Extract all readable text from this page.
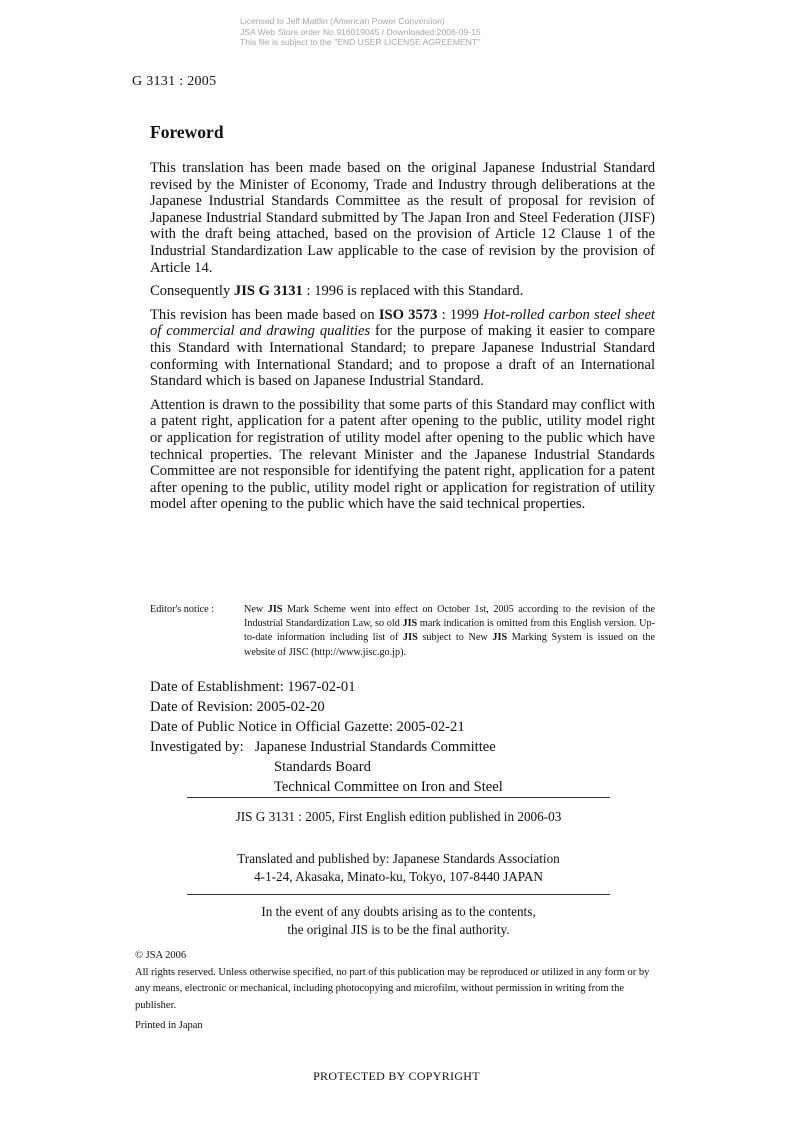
Licensed to Jeff Mattlin (American Power Conversion)
JSA Web Store order No.916019045 / Downloaded:2006-09-15
This file is subject to the "END USER LICENSE AGREEMENT"
G 3131 : 2005
Foreword

This translation has been made based on the original Japanese Industrial Standard revised by the Minister of Economy, Trade and Industry through deliberations at the Japanese Industrial Standards Committee as the result of proposal for revision of Japanese Industrial Standard submitted by The Japan Iron and Steel Federation (JISF) with the draft being attached, based on the provision of Article 12 Clause 1 of the Industrial Standardization Law applicable to the case of revision by the provision of Article 14.

Consequently JIS G 3131 : 1996 is replaced with this Standard.

This revision has been made based on ISO 3573 : 1999 Hot-rolled carbon steel sheet of commercial and drawing qualities for the purpose of making it easier to compare this Standard with International Standard; to prepare Japanese Industrial Standard conforming with International Standard; and to propose a draft of an International Standard which is based on Japanese Industrial Standard.

Attention is drawn to the possibility that some parts of this Standard may conflict with a patent right, application for a patent after opening to the public, utility model right or application for registration of utility model after opening to the public which have technical properties. The relevant Minister and the Japanese Industrial Standards Committee are not responsible for identifying the patent right, application for a patent after opening to the public, utility model right or application for registration of utility model after opening to the public which have the said technical properties.

Editor's notice :	New JIS Mark Scheme went into effect on October 1st, 2005 according to the revision of the Industrial Standardization Law, so old JIS mark indication is omitted from this English version. Up-to-date information including list of JIS subject to New JIS Marking System is issued on the website of JISC (http://www.jisc.go.jp).
Date of Establishment: 1967-02-01
Date of Revision: 2005-02-20
Date of Public Notice in Official Gazette: 2005-02-21
Investigated by: Japanese Industrial Standards Committee
Standards Board
Technical Committee on Iron and Steel
JIS G 3131 : 2005, First English edition published in 2006-03
Translated and published by: Japanese Standards Association
4-1-24, Akasaka, Minato-ku, Tokyo, 107-8440 JAPAN
In the event of any doubts arising as to the contents,
the original JIS is to be the final authority.

© JSA 2006

All rights reserved. Unless otherwise specified, no part of this publication may be reproduced or utilized in any form or by any means, electronic or mechanical, including photocopying and microfilm, without permission in writing from the publisher.

Printed in Japan

PROTECTED BY COPYRIGHT
